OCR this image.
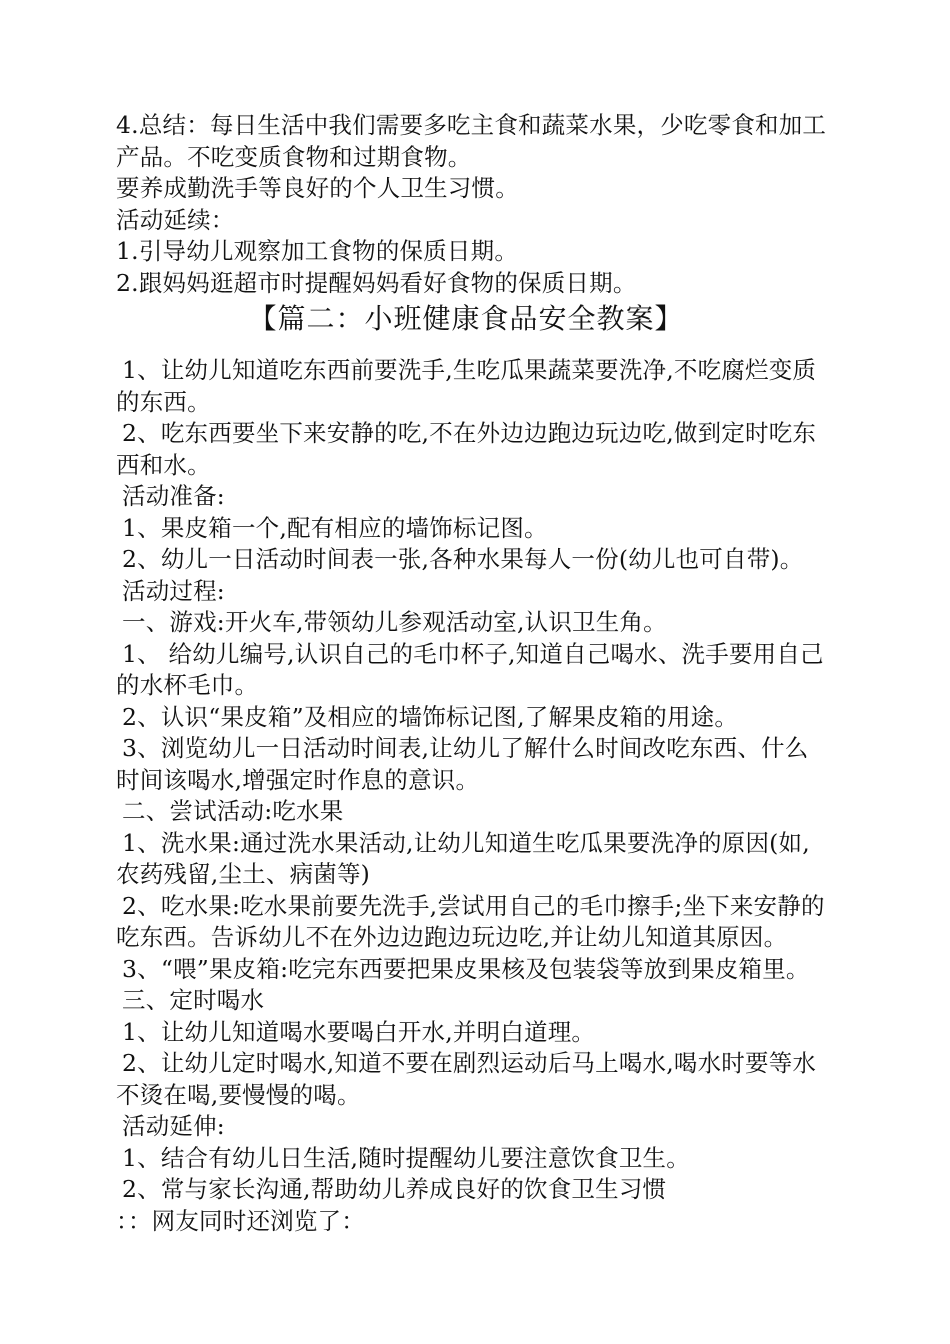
4.总结：每日生活中我们需要多吃主食和蔬菜水果，少吃零食和加工
产品。不吃变质食物和过期食物。
要养成勤洗手等良好的个人卫生习惯。
活动延续：
1.引导幼儿观察加工食物的保质日期。
2.跟妈妈逛超市时提醒妈妈看好食物的保质日期。
【篇二：小班健康食品安全教案】
1、让幼儿知道吃东西前要洗手,生吃瓜果蔬菜要洗净,不吃腐烂变质
的东西。
2、吃东西要坐下来安静的吃,不在外边边跑边玩边吃,做到定时吃东
西和水。
活动准备:
1、果皮箱一个,配有相应的墙饰标记图。
2、幼儿一日活动时间表一张,各种水果每人一份(幼儿也可自带)。
活动过程:
一、游戏:开火车,带领幼儿参观活动室,认识卫生角。
1、 给幼儿编号,认识自己的毛巾杯子,知道自己喝水、洗手要用自己
的水杯毛巾。
2、认识“果皮箱”及相应的墙饰标记图,了解果皮箱的用途。
3、浏览幼儿一日活动时间表,让幼儿了解什么时间改吃东西、什么
时间该喝水,增强定时作息的意识。
二、尝试活动:吃水果
1、洗水果:通过洗水果活动,让幼儿知道生吃瓜果要洗净的原因(如,
农药残留,尘土、病菌等)
2、吃水果:吃水果前要先洗手,尝试用自己的毛巾擦手;坐下来安静的
吃东西。告诉幼儿不在外边边跑边玩边吃,并让幼儿知道其原因。
3、“喂”果皮箱:吃完东西要把果皮果核及包装袋等放到果皮箱里。
三、定时喝水
1、让幼儿知道喝水要喝白开水,并明白道理。
2、让幼儿定时喝水,知道不要在剧烈运动后马上喝水,喝水时要等水
不烫在喝,要慢慢的喝。
活动延伸:
1、结合有幼儿日生活,随时提醒幼儿要注意饮食卫生。
2、常与家长沟通,帮助幼儿养成良好的饮食卫生习惯
：：网友同时还浏览了：
